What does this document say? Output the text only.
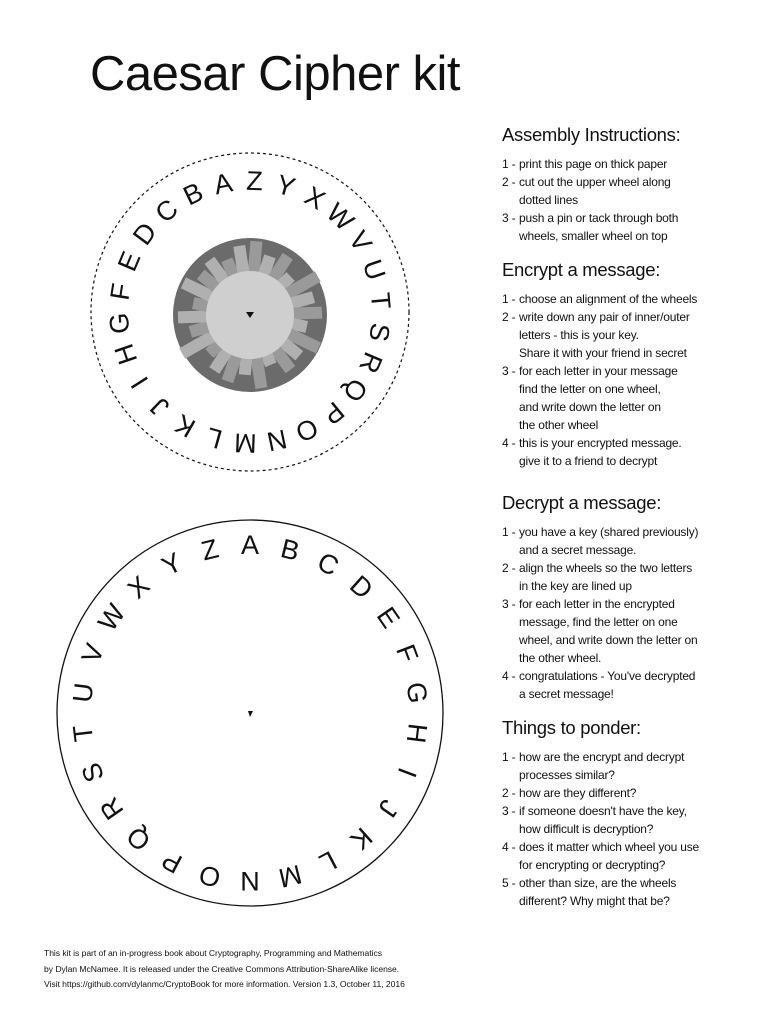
Caesar Cipher kit
Z Y X
W
V
U
T
S
R
Q
P
O
N
M
L
K
J
I
H
G
F
E
D
C
B A
A B C
D
E
F
G
H
I
J
K
L
M
N
O
P
Q
R
S
T
U
V
W
X
Y Z
Assembly Instructions:
1 - print this page on thick paper
2 - cut out the upper wheel along
dotted lines
3 - push a pin or tack through both
wheels, smaller wheel on top
Encrypt a message:
1 - choose an alignment of the wheels
2 - write down any pair of inner/outer
letters - this is your key.
Share it with your friend in secret
3 - for each letter in your message
find the letter on one wheel,
and write down the letter on
the other wheel
4 - this is your encrypted message.
give it to a friend to decrypt
Decrypt a message:
1 - you have a key (shared previously)
and a secret message.
2 - align the wheels so the two letters
in the key are lined up
3 - for each letter in the encrypted
message, find the letter on one
wheel, and write down the letter on
the other wheel.
4 - congratulations - You've decrypted
a secret message!
Things to ponder:
1 - how are the encrypt and decrypt
processes similar?
2 - how are they different?
3 - if someone doesn't have the key,
how difficult is decryption?
4 - does it matter which wheel you use
for encrypting or decrypting?
5 - other than size, are the wheels
different? Why might that be?
This kit is part of an in-progress book about Cryptography, Programming and Mathematics
by Dylan McNamee. It is released under the Creative Commons Attribution-ShareAlike license.
Visit https://github.com/dylanmc/CryptoBook for more information. Version 1.3, October 11, 2016
